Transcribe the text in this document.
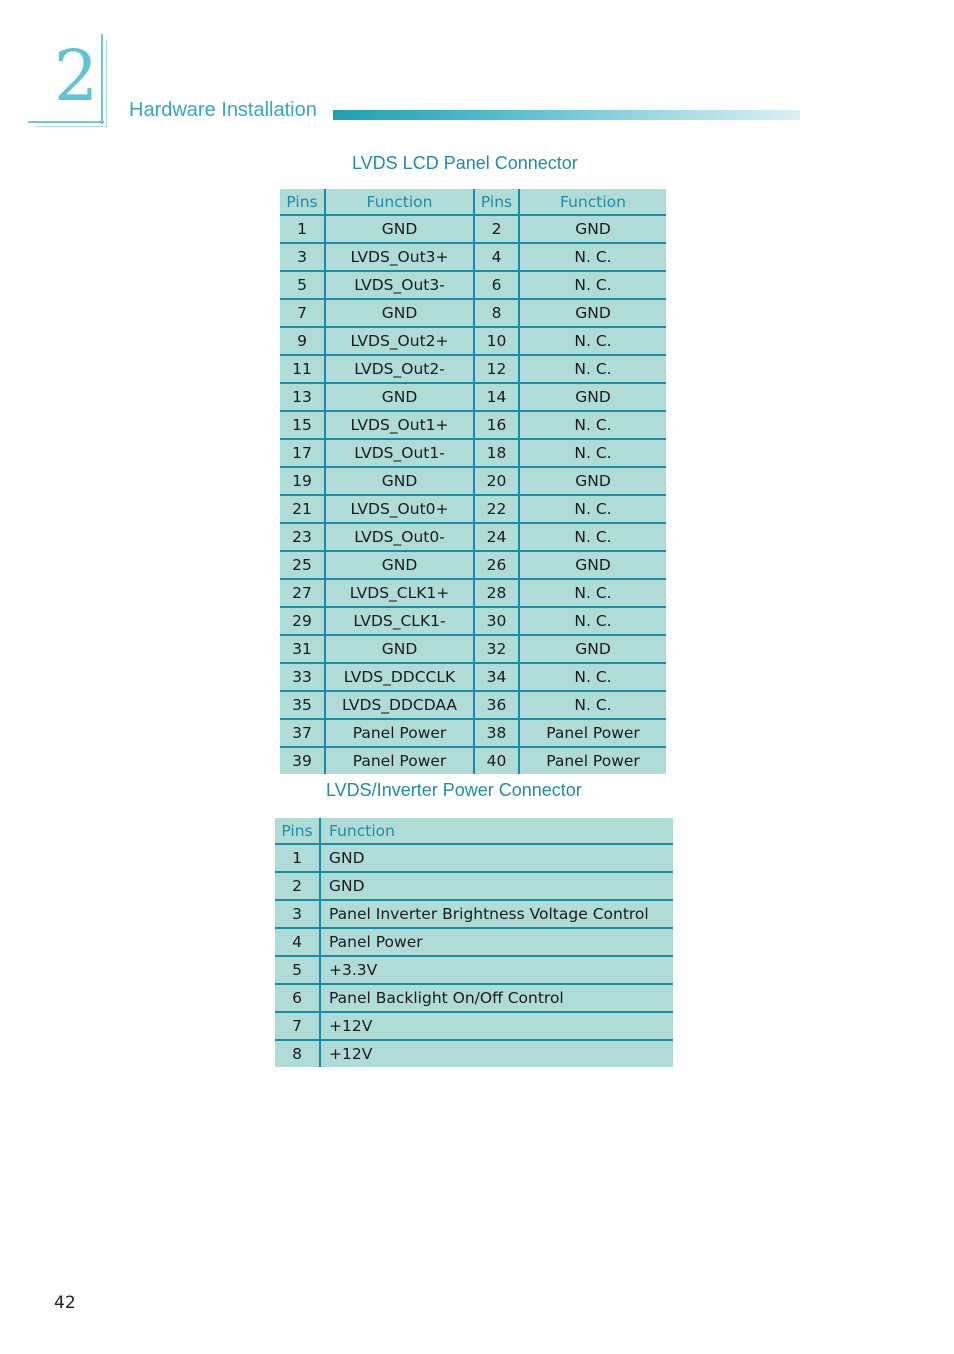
2	Hardware Installation
LVDS LCD Panel Connector
Pins	Function	Pins	Function
1	GND	2	GND
3	LVDS_Out3+	4	N. C.
5	LVDS_Out3-	6	N. C.
7	GND	8	GND
9	LVDS_Out2+	10	N. C.
11	LVDS_Out2-	12	N. C.
13	GND	14	GND
15	LVDS_Out1+	16	N. C.
17	LVDS_Out1-	18	N. C.
19	GND	20	GND
21	LVDS_Out0+	22	N. C.
23	LVDS_Out0-	24	N. C.
25	GND	26	GND
27	LVDS_CLK1+	28	N. C.
29	LVDS_CLK1-	30	N. C.
31	GND	32	GND
33	LVDS_DDCCLK	34	N. C.
35	LVDS_DDCDAA	36	N. C.
37	Panel Power	38	Panel Power
39	Panel Power	40	Panel Power
LVDS/Inverter Power Connector
Pins	Function
1	GND
2	GND
3	Panel Inverter Brightness Voltage Control
4	Panel Power
5	+3.3V
6	Panel Backlight On/Off Control
7	+12V
8	+12V
42
